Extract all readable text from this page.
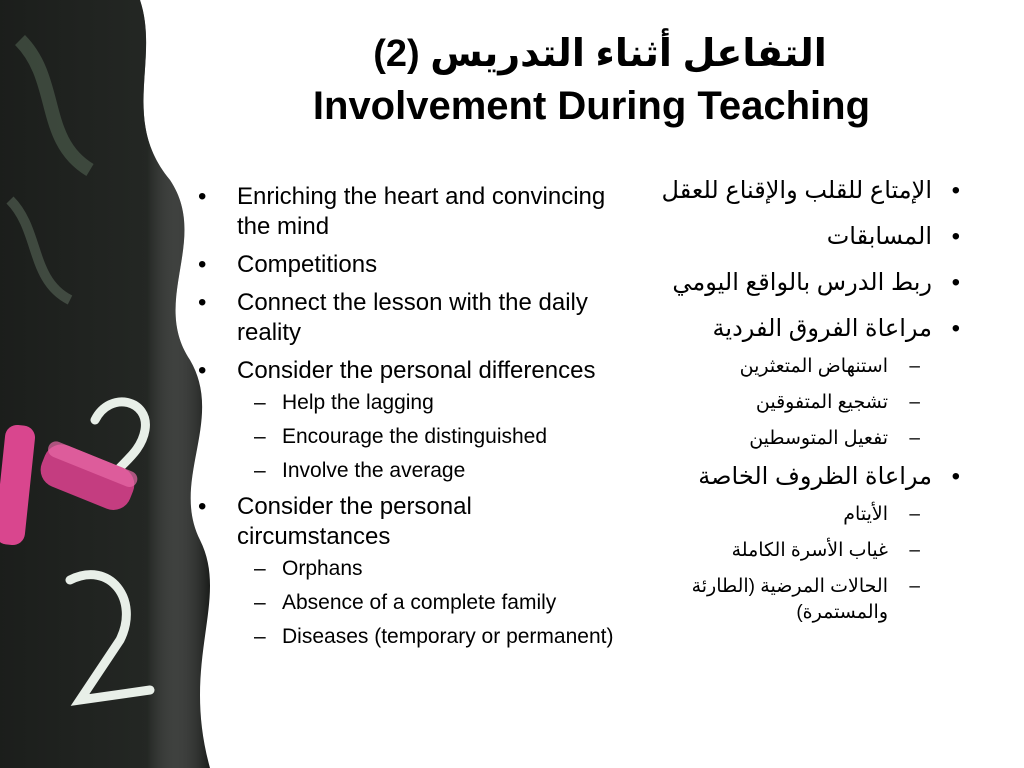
التفاعل أثناء التدريس (2)
Involvement During Teaching
• Enriching the heart and convincing the mind
• Competitions
• Connect the lesson with the daily reality
• Consider the personal differences
– Help the lagging
– Encourage the distinguished
– Involve the average
• Consider the personal circumstances
– Orphans
– Absence of a complete family
– Diseases (temporary or permanent)
•
الإمتاع للقلب والإقناع للعقل
•
المسابقات
•
ربط الدرس بالواقع اليومي
•
مراعاة الفروق الفردية
–
استنهاض المتعثرين
–
تشجيع المتفوقين
–
تفعيل المتوسطين
•
مراعاة الظروف الخاصة
–
الأيتام
–
غياب الأسرة الكاملة
–
الحالات المرضية (الطارئة والمستمرة)
